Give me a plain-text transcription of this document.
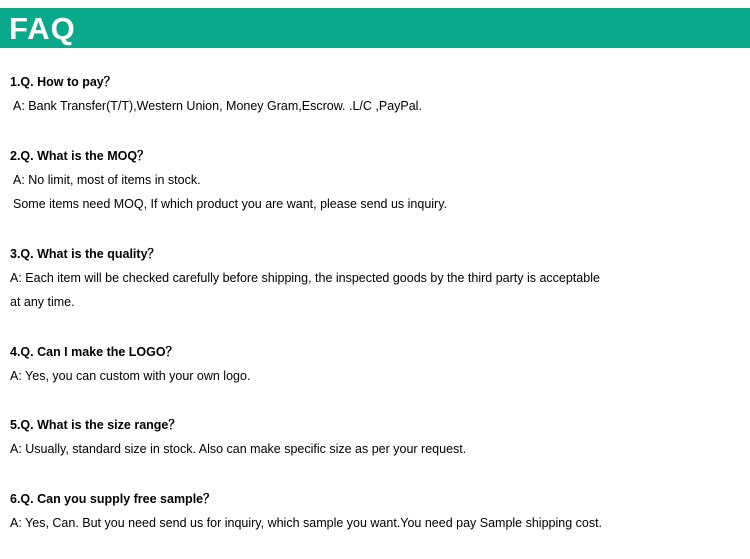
FAQ
1.Q. How to pay？
A: Bank Transfer(T/T),Western Union, Money Gram,Escrow. .L/C ,PayPal.
2.Q. What is the MOQ？
A: No limit, most of items in stock.
Some items need MOQ, If which product you are want, please send us inquiry.
3.Q. What is the quality？
A: Each item will be checked carefully before shipping, the inspected goods by the third party is acceptable
at any time.
4.Q. Can I make the LOGO？
A: Yes, you can custom with your own logo.
5.Q. What is the size range？
A: Usually, standard size in stock. Also can make specific size as per your request.
6.Q. Can you supply free sample？
A: Yes, Can. But you need send us for inquiry, which sample you want.You need pay Sample shipping cost.
